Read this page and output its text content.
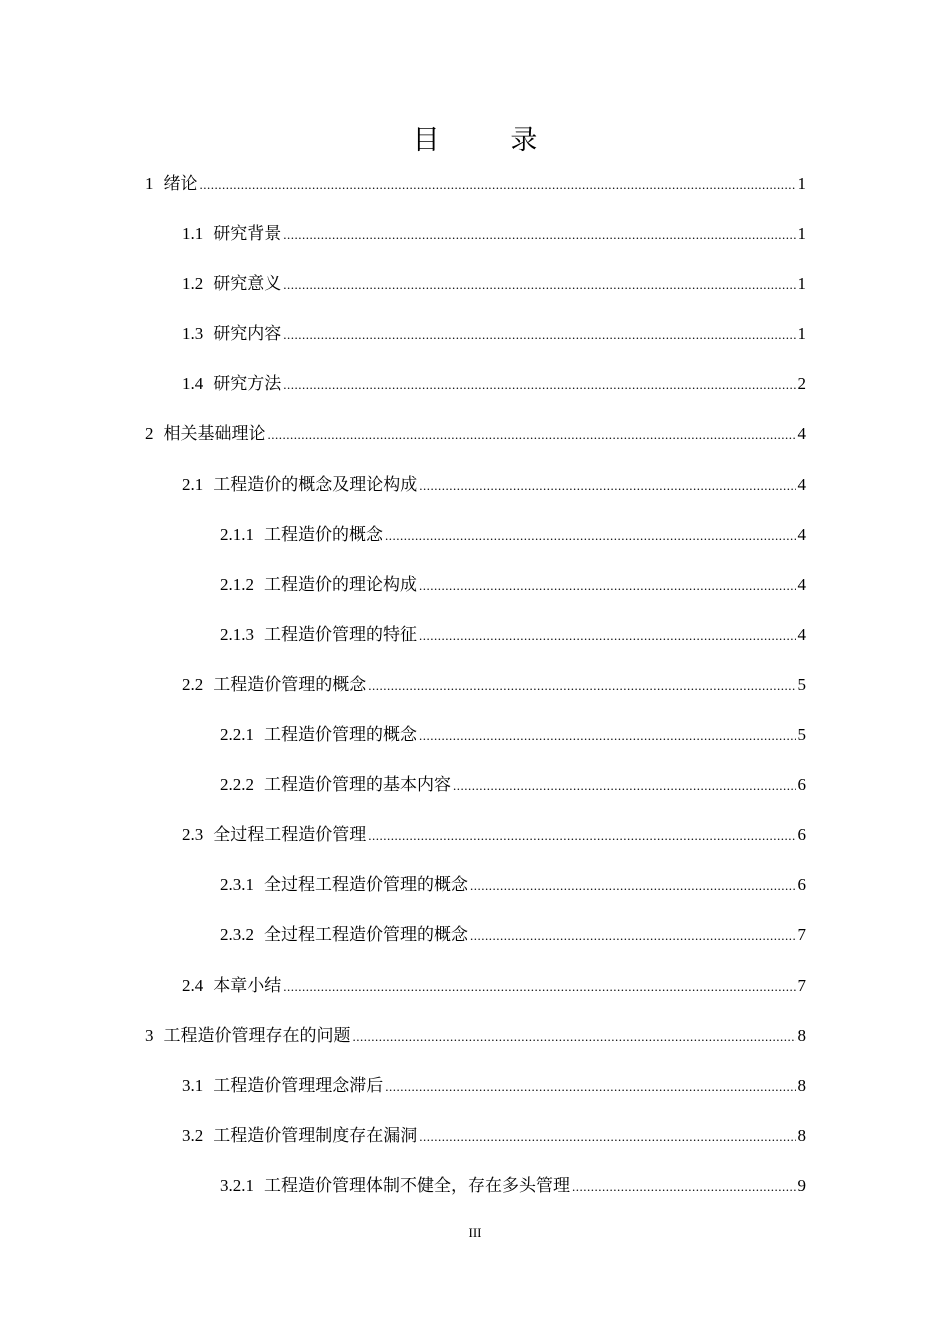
目 录
1 绪论 .....	1
1.1 研究背景 .....	1
1.2 研究意义 .....	1
1.3 研究内容 .....	1
1.4 研究方法 .....	2
2 相关基础理论 .....	4
2.1 工程造价的概念及理论构成 .....	4
2.1.1 工程造价的概念 .....	4
2.1.2 工程造价的理论构成 .....	4
2.1.3 工程造价管理的特征 .....	4
2.2 工程造价管理的概念 .....	5
2.2.1 工程造价管理的概念 .....	5
2.2.2 工程造价管理的基本内容 .....	6
2.3 全过程工程造价管理 .....	6
2.3.1 全过程工程造价管理的概念 .....	6
2.3.2 全过程工程造价管理的概念 .....	7
2.4 本章小结 .....	7
3 工程造价管理存在的问题 .....	8
3.1 工程造价管理理念滞后 .....	8
3.2 工程造价管理制度存在漏洞 .....	8
3.2.1 工程造价管理体制不健全，存在多头管理 .....	9
III
